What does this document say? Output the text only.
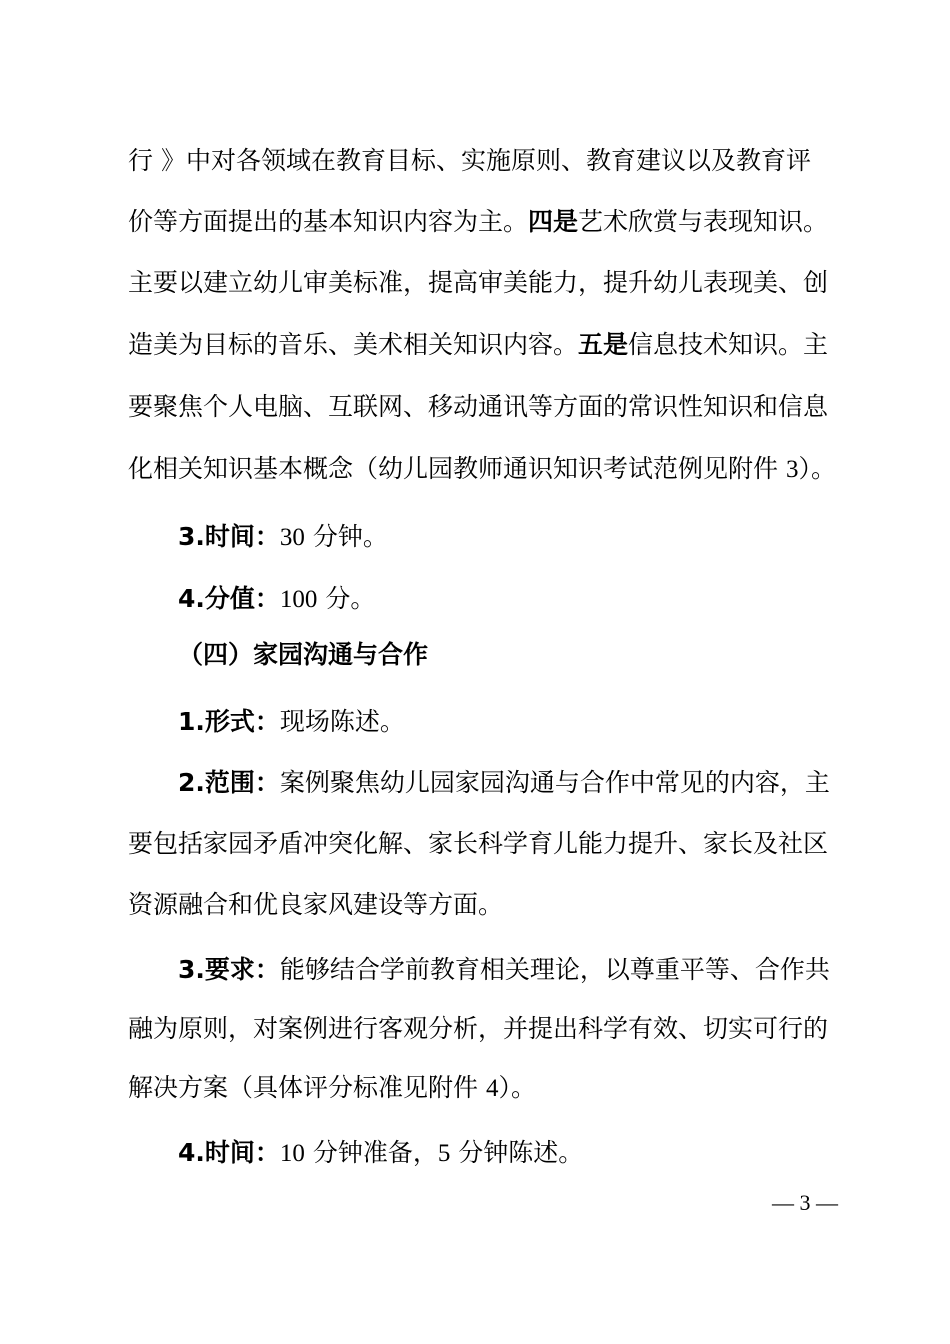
行 》中对各领域在教育目标、实施原则、教育建议以及教育评
价等方面提出的基本知识内容为主。四是艺术欣赏与表现知识。
主要以建立幼儿审美标准，提高审美能力，提升幼儿表现美、创
造美为目标的音乐、美术相关知识内容。五是信息技术知识。主
要聚焦个人电脑、互联网、移动通讯等方面的常识性知识和信息
化相关知识基本概念（幼儿园教师通识知识考试范例见附件 3）。
3.时间：30 分钟。
4.分值：100 分。
（四）家园沟通与合作
1.形式：现场陈述。
2.范围：案例聚焦幼儿园家园沟通与合作中常见的内容，主
要包括家园矛盾冲突化解、家长科学育儿能力提升、家长及社区
资源融合和优良家风建设等方面。
3.要求：能够结合学前教育相关理论，以尊重平等、合作共
融为原则，对案例进行客观分析，并提出科学有效、切实可行的
解决方案（具体评分标准见附件 4）。
4.时间：10 分钟准备，5 分钟陈述。
— 3 —
